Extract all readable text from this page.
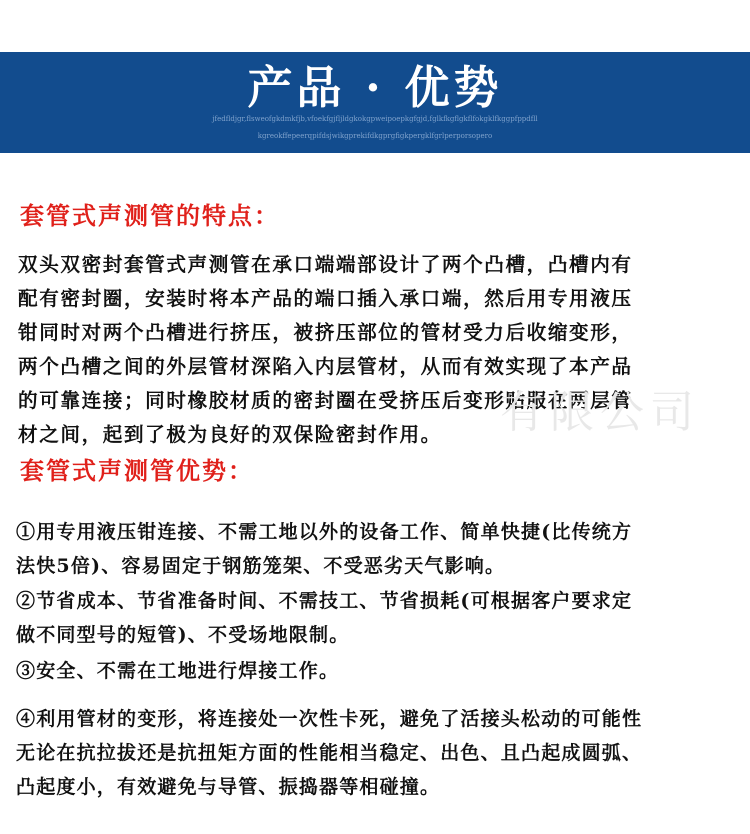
产品 · 优势
jfedfldjgr,flsweofgkdmkfjb,vfoekfgjfljldgkokgpweipoepkgfgjd,fglkfkgflgkflfokgklfkggpfppdfll
kgreokffepeerqpifdsjwikgprekifdkgprgfigkpergklfgrlperporsopero
套管式声测管的特点：
双头双密封套管式声测管在承口端端部设计了两个凸槽，凸槽内有
配有密封圈，安装时将本产品的端口插入承口端，然后用专用液压
钳同时对两个凸槽进行挤压，被挤压部位的管材受力后收缩变形，
两个凸槽之间的外层管材深陷入内层管材，从而有效实现了本产品
的可靠连接；同时橡胶材质的密封圈在受挤压后变形贴服在两层管
材之间，起到了极为良好的双保险密封作用。	有限公司
套管式声测管优势：
①用专用液压钳连接、不需工地以外的设备工作、简单快捷(比传统方
法快5倍)、容易固定于钢筋笼架、不受恶劣天气影响。
②节省成本、节省准备时间、不需技工、节省损耗(可根据客户要求定
做不同型号的短管)、不受场地限制。
③安全、不需在工地进行焊接工作。
④利用管材的变形，将连接处一次性卡死，避免了活接头松动的可能性
无论在抗拉拔还是抗扭矩方面的性能相当稳定、出色、且凸起成圆弧、
凸起度小，有效避免与导管、振捣器等相碰撞。
